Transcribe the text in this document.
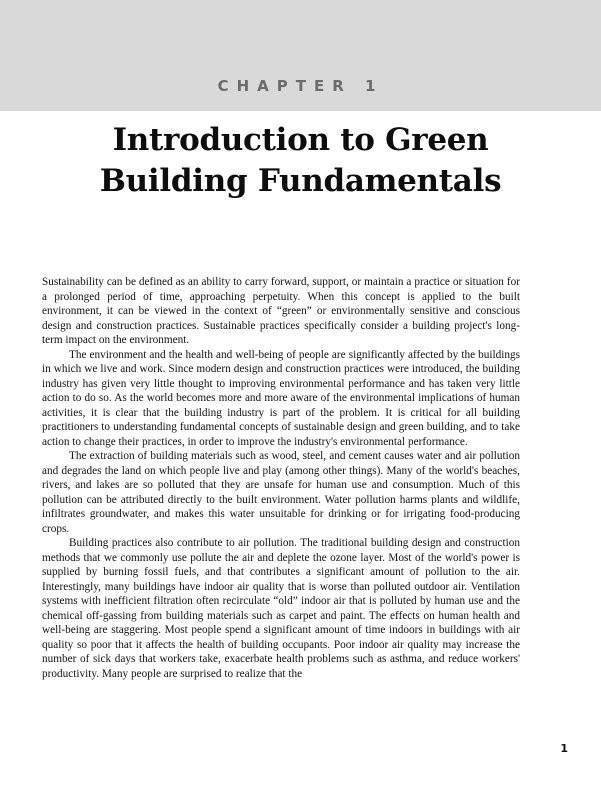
CHAPTER 1

Introduction to Green
Building Fundamentals

Sustainability can be defined as an ability to carry forward, support, or maintain a practice or situation for a prolonged period of time, approaching perpetuity. When this concept is applied to the built environment, it can be viewed in the context of “green” or environmentally sensitive and conscious design and construction practices. Sustainable practices specifically consider a building project's long-term impact on the environment.

The environment and the health and well-being of people are significantly affected by the buildings in which we live and work. Since modern design and construction practices were introduced, the building industry has given very little thought to improving environmental performance and has taken very little action to do so. As the world becomes more and more aware of the environmental implications of human activities, it is clear that the building industry is part of the problem. It is critical for all building practitioners to understanding fundamental concepts of sustainable design and green building, and to take action to change their practices, in order to improve the industry's environmental performance.

The extraction of building materials such as wood, steel, and cement causes water and air pollution and degrades the land on which people live and play (among other things). Many of the world's beaches, rivers, and lakes are so polluted that they are unsafe for human use and consumption. Much of this pollution can be attributed directly to the built environment. Water pollution harms plants and wildlife, infiltrates groundwater, and makes this water unsuitable for drinking or for irrigating food-producing crops.

Building practices also contribute to air pollution. The traditional building design and construction methods that we commonly use pollute the air and deplete the ozone layer. Most of the world's power is supplied by burning fossil fuels, and that contributes a significant amount of pollution to the air. Interestingly, many buildings have indoor air quality that is worse than polluted outdoor air. Ventilation systems with inefficient filtration often recirculate “old” indoor air that is polluted by human use and the chemical off-gassing from building materials such as carpet and paint. The effects on human health and well-being are staggering. Most people spend a significant amount of time indoors in buildings with air quality so poor that it affects the health of building occupants. Poor indoor air quality may increase the number of sick days that workers take, exacerbate health problems such as asthma, and reduce workers' productivity. Many people are surprised to realize that the

1
